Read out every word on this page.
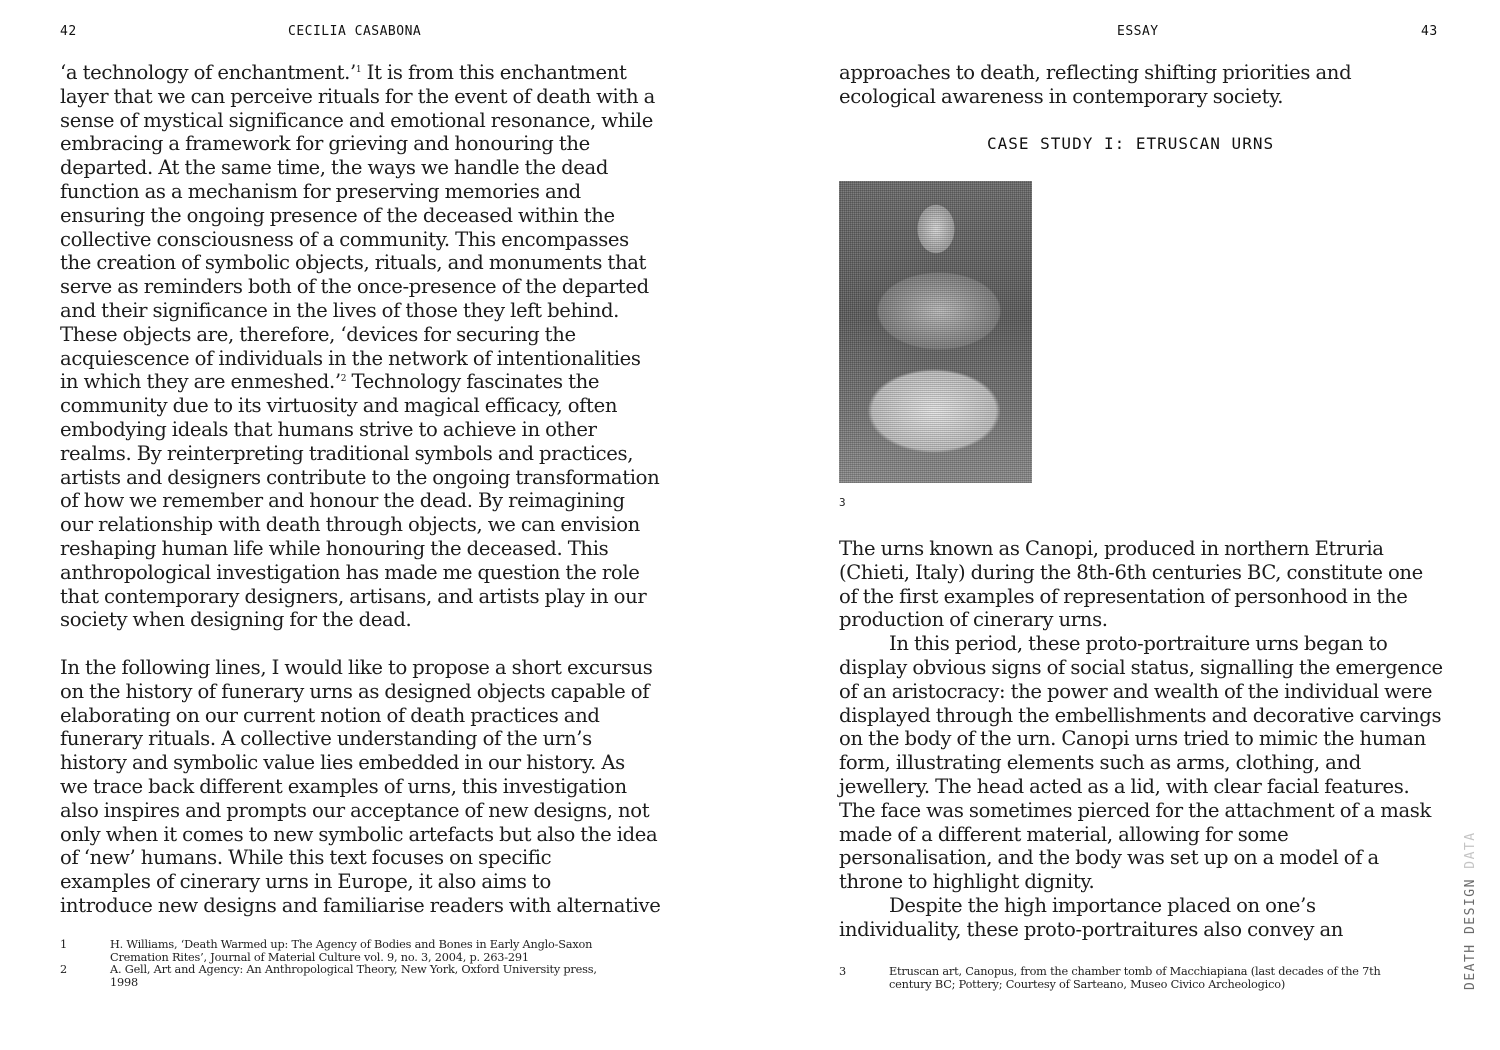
42	CECILIA CASABONA

‘a technology of enchantment.’$^1$ It is from this enchantment
layer that we can perceive rituals for the event of death with a
sense of mystical significance and emotional resonance, while
embracing a framework for grieving and honouring the
departed. At the same time, the ways we handle the dead
function as a mechanism for preserving memories and
ensuring the ongoing presence of the deceased within the
collective consciousness of a community. This encompasses
the creation of symbolic objects, rituals, and monuments that
serve as reminders both of the once-presence of the departed
and their significance in the lives of those they left behind.
These objects are, therefore, ‘devices for securing the
acquiescence of individuals in the network of intentionalities
in which they are enmeshed.’$^2$ Technology fascinates the
community due to its virtuosity and magical efficacy, often
embodying ideals that humans strive to achieve in other
realms. By reinterpreting traditional symbols and practices,
artists and designers contribute to the ongoing transformation
of how we remember and honour the dead. By reimagining
our relationship with death through objects, we can envision
reshaping human life while honouring the deceased. This
anthropological investigation has made me question the role
that contemporary designers, artisans, and artists play in our
society when designing for the dead.

In the following lines, I would like to propose a short excursus
on the history of funerary urns as designed objects capable of
elaborating on our current notion of death practices and
funerary rituals. A collective understanding of the urn’s
history and symbolic value lies embedded in our history. As
we trace back different examples of urns, this investigation
also inspires and prompts our acceptance of new designs, not
only when it comes to new symbolic artefacts but also the idea
of ‘new’ humans. While this text focuses on specific
examples of cinerary urns in Europe, it also aims to
introduce new designs and familiarise readers with alternative

1	H. Williams, ‘Death Warmed up: The Agency of Bodies and Bones in Early Anglo-Saxon
Cremation Rites’, Journal of Material Culture vol. 9, no. 3, 2004, p. 263-291
2	A. Gell, Art and Agency: An Anthropological Theory, New York, Oxford University press,
1998
ESSAY	43
approaches to death, reflecting shifting priorities and
ecological awareness in contemporary society.
CASE STUDY I: ETRUSCAN URNS
3

The urns known as Canopi, produced in northern Etruria
(Chieti, Italy) during the 8th-6th centuries BC, constitute one
of the first examples of representation of personhood in the
production of cinerary urns.

In this period, these proto-portraiture urns began to
display obvious signs of social status, signalling the emergence
of an aristocracy: the power and wealth of the individual were
displayed through the embellishments and decorative carvings
on the body of the urn. Canopi urns tried to mimic the human
form, illustrating elements such as arms, clothing, and
jewellery. The head acted as a lid, with clear facial features.
The face was sometimes pierced for the attachment of a mask
made of a different material, allowing for some
personalisation, and the body was set up on a model of a
throne to highlight dignity.

Despite the high importance placed on one’s
individuality, these proto-portraitures also convey an

3	Etruscan art, Canopus, from the chamber tomb of Macchiapiana (last decades of the 7th
century BC; Pottery; Courtesy of Sarteano, Museo Civico Archeologico)	DEATH DESIGN DATA
